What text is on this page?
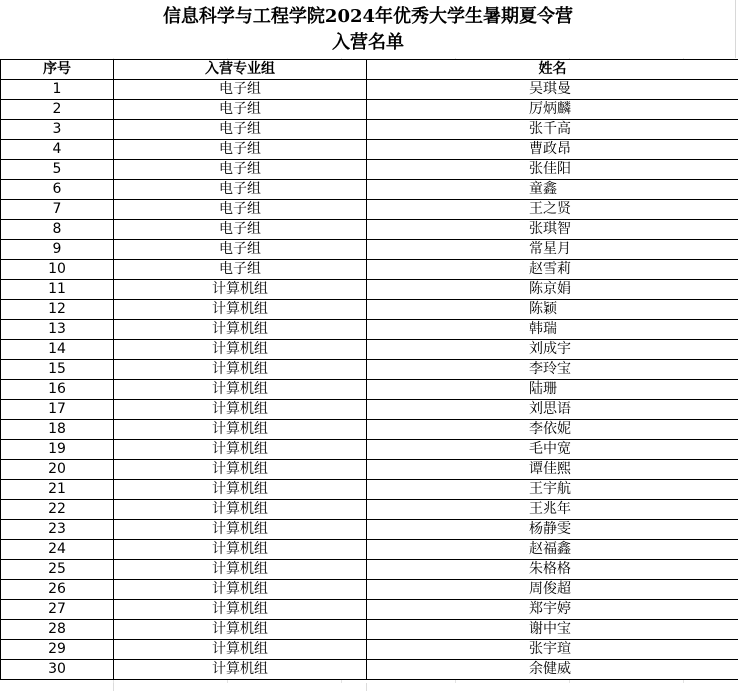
信息科学与工程学院2024年优秀大学生暑期夏令营
入营名单
序号	入营专业组	姓名
1	电子组	吴琪曼
2	电子组	厉炳麟
3	电子组	张千高
4	电子组	曹政昂
5	电子组	张佳阳
6	电子组	童鑫
7	电子组	王之贤
8	电子组	张琪智
9	电子组	常星月
10	电子组	赵雪莉
11	计算机组	陈京娟
12	计算机组	陈颖
13	计算机组	韩瑞
14	计算机组	刘成宇
15	计算机组	李玲宝
16	计算机组	陆珊
17	计算机组	刘思语
18	计算机组	李依妮
19	计算机组	毛中宽
20	计算机组	谭佳熙
21	计算机组	王宇航
22	计算机组	王兆年
23	计算机组	杨静雯
24	计算机组	赵福鑫
25	计算机组	朱格格
26	计算机组	周俊超
27	计算机组	郑宇婷
28	计算机组	谢中宝
29	计算机组	张宇瑄
30	计算机组	余健威
